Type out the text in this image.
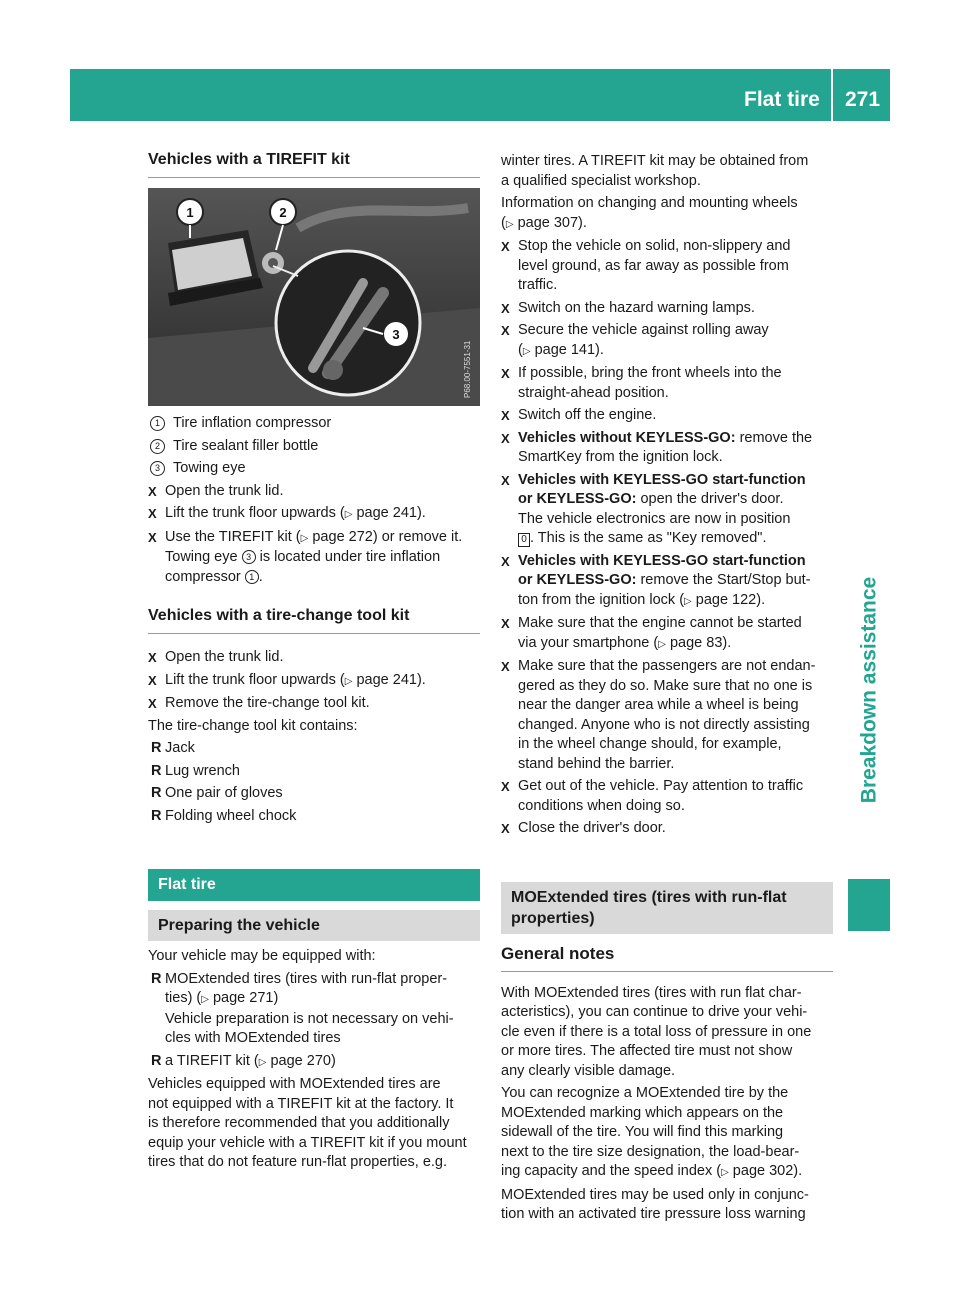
Flat tire 271
Breakdown assistance
Vehicles with a TIREFIT kit
1	2
3
P68.00-7551-31
1 Tire inflation compressor
2 Tire sealant filler bottle
3 Towing eye
X Open the trunk lid.
X Lift the trunk floor upwards (▷ page 241).
X Use the TIREFIT kit (▷ page 272) or remove it.
Towing eye 3 is located under tire inflation
compressor 1 .
Vehicles with a tire-change tool kit
X Open the trunk lid.
X Lift the trunk floor upwards (▷ page 241).
X Remove the tire-change tool kit.

The tire-change tool kit contains:

R Jack
R Lug wrench
R One pair of gloves
R Folding wheel chock
Flat tire
Preparing the vehicle

Your vehicle may be equipped with:

R MOExtended tires (tires with run-flat proper-
ties) (▷ page 271)
Vehicle preparation is not necessary on vehi-
cles with MOExtended tires
R a TIREFIT kit (▷ page 270)

Vehicles equipped with MOExtended tires are
not equipped with a TIREFIT kit at the factory. It
is therefore recommended that you additionally
equip your vehicle with a TIREFIT kit if you mount
tires that do not feature run-flat properties, e.g.

winter tires. A TIREFIT kit may be obtained from
a qualified specialist workshop.

Information on changing and mounting wheels
(▷ page 307).

X Stop the vehicle on solid, non-slippery and
level ground, as far away as possible from
traffic.
X Switch on the hazard warning lamps.
X Secure the vehicle against rolling away
(▷ page 141).
X If possible, bring the front wheels into the
straight-ahead position.
X Switch off the engine.
X Vehicles without KEYLESS-GO: remove the
SmartKey from the ignition lock.
X Vehicles with KEYLESS-GO start-function
or KEYLESS-GO: open the driver's door.
The vehicle electronics are now in position
0 . This is the same as "Key removed".
X Vehicles with KEYLESS-GO start-function
or KEYLESS-GO: remove the Start/Stop but-
ton from the ignition lock (▷ page 122).
X Make sure that the engine cannot be started
via your smartphone (▷ page 83).
X Make sure that the passengers are not endan-
gered as they do so. Make sure that no one is
near the danger area while a wheel is being
changed. Anyone who is not directly assisting
in the wheel change should, for example,
stand behind the barrier.
X Get out of the vehicle. Pay attention to traffic
conditions when doing so.
X Close the driver's door.
MOExtended tires (tires with run-flat
properties)
General notes

With MOExtended tires (tires with run flat char-
acteristics), you can continue to drive your vehi-
cle even if there is a total loss of pressure in one
or more tires. The affected tire must not show
any clearly visible damage.

You can recognize a MOExtended tire by the
MOExtended marking which appears on the
sidewall of the tire. You will find this marking
next to the tire size designation, the load-bear-
ing capacity and the speed index (▷ page 302).

MOExtended tires may be used only in conjunc-
tion with an activated tire pressure loss warning
